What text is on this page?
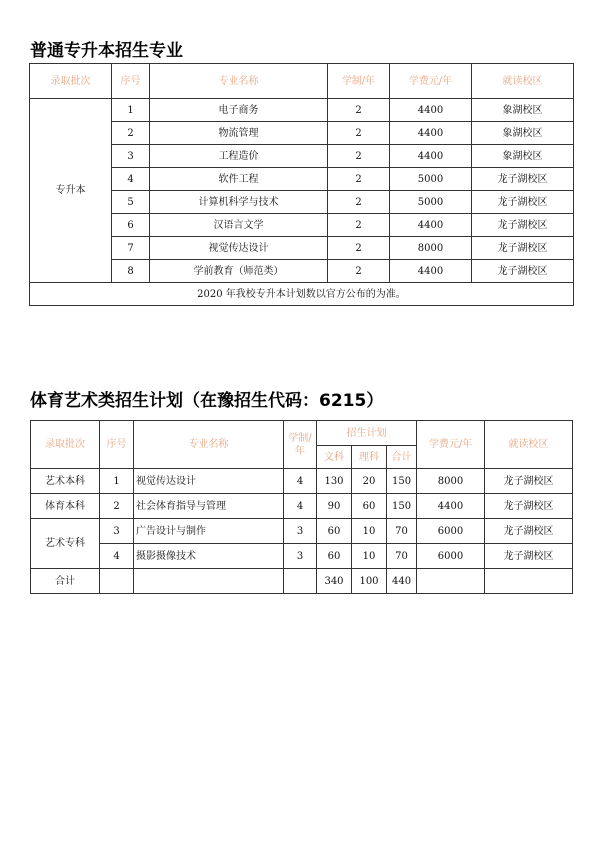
普通专升本招生专业
录取批次	序号	专业名称	学制/年	学费元/年	就读校区
专升本	1	电子商务	2	4400	象湖校区
	2	物流管理	2	4400	象湖校区
	3	工程造价	2	4400	象湖校区
	4	软件工程	2	5000	龙子湖校区
	5	计算机科学与技术	2	5000	龙子湖校区
	6	汉语言文学	2	4400	龙子湖校区
	7	视觉传达设计	2	8000	龙子湖校区
	8	学前教育（师范类）	2	4400	龙子湖校区
2020 年我校专升本计划数以官方公布的为准。					
体育艺术类招生计划（在豫招生代码：6215）
录取批次	序号	专业名称	学制/年	招生计划			学费元/年	就读校区
				文科	理科	合计		
艺术本科	1	视觉传达设计	4	130	20	150	8000	龙子湖校区
体育本科	2	社会体育指导与管理	4	90	60	150	4400	龙子湖校区
艺术专科	3	广告设计与制作	3	60	10	70	6000	龙子湖校区
	4	摄影摄像技术	3	60	10	70	6000	龙子湖校区
合计				340	100	440		
